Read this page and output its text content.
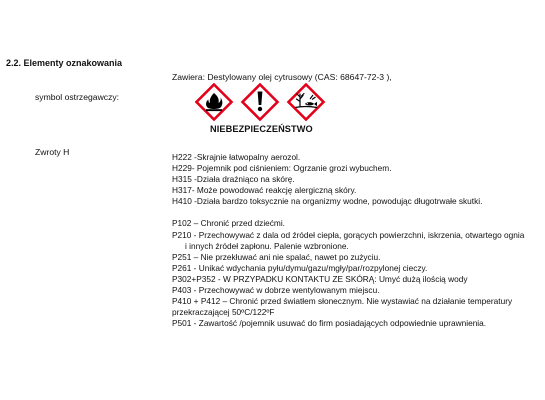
2.2. Elementy oznakowania
Zawiera: Destylowany olej cytrusowy (CAS: 68647-72-3 ),
symbol ostrzegawczy:
NIEBEZPIECZEŃSTWO
Zwroty H	H222 -Skrajnie łatwopalny aerozol.
H229- Pojemnik pod ciśnieniem: Ogrzanie grozi wybuchem.
H315 -Działa drażniąco na skórę.
H317- Może powodować reakcję alergiczną skóry.
H410 -Działa bardzo toksycznie na organizmy wodne, powodując długotrwałe skutki.
P102 – Chronić przed dziećmi.
P210 - Przechowywać z dala od źródeł ciepła, gorących powierzchni, iskrzenia, otwartego ognia
i innych źródeł zapłonu. Palenie wzbronione.
P251 – Nie przekłuwać ani nie spalać, nawet po zużyciu.
P261 - Unikać wdychania pyłu/dymu/gazu/mgły/par/rozpylonej cieczy.
P302+P352 - W PRZYPADKU KONTAKTU ZE SKÓRĄ: Umyć dużą ilością wody
P403 - Przechowywać w dobrze wentylowanym miejscu.
P410 + P412 – Chronić przed światłem słonecznym. Nie wystawiać na działanie temperatury
przekraczającej 50ºC/122ºF
P501 - Zawartość /pojemnik usuwać do firm posiadających odpowiednie uprawnienia.
